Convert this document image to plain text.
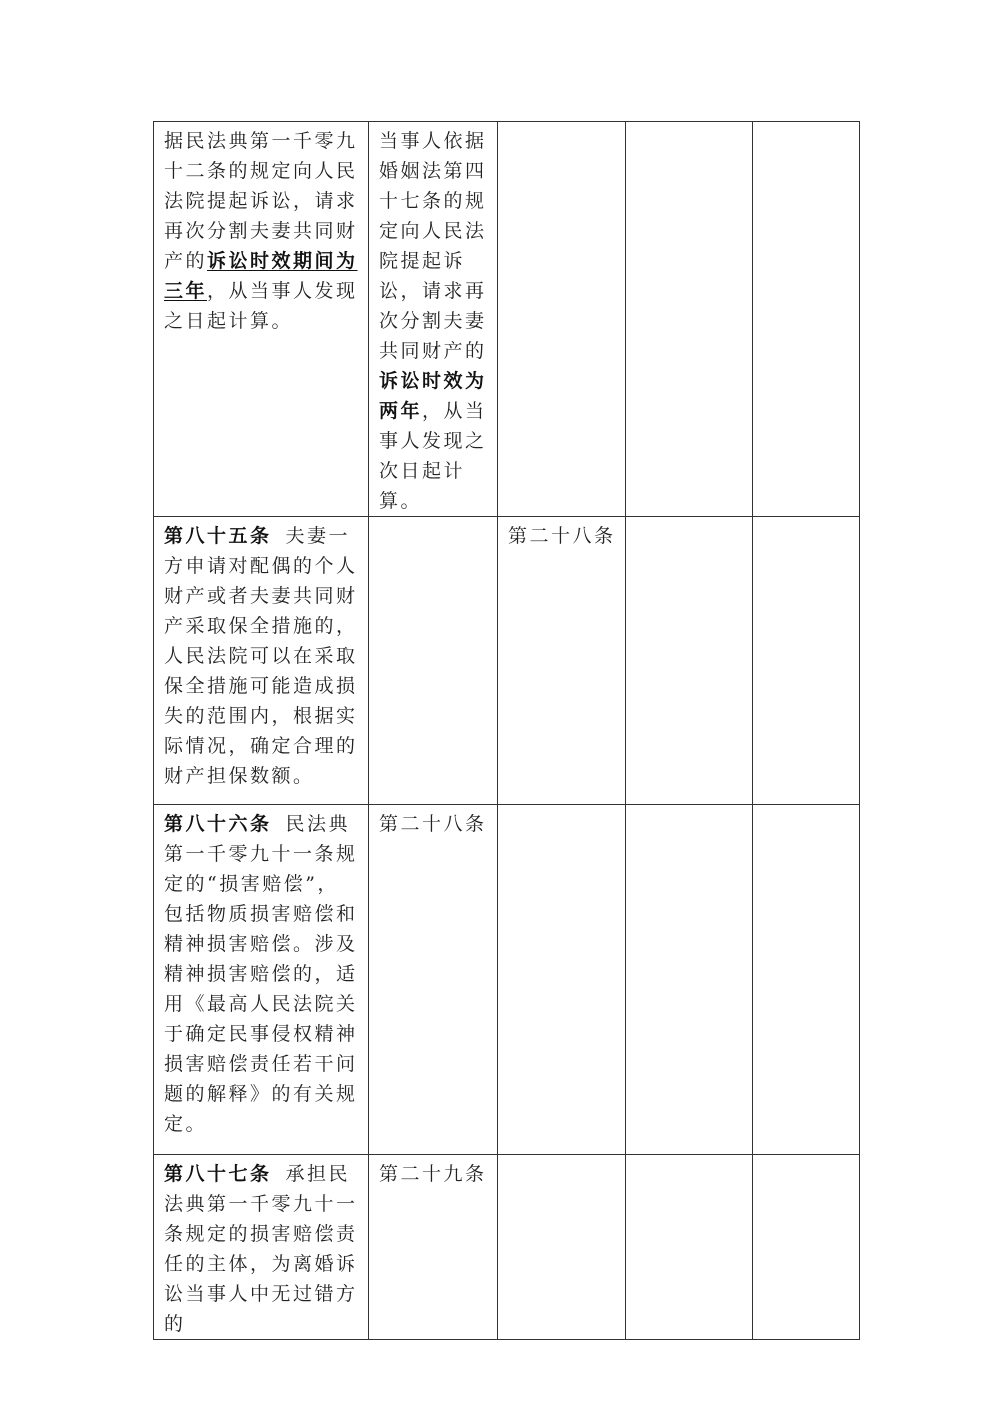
据民法典第一千零九十二条的规定向人民法院提起诉讼，请求再次分割夫妻共同财产的诉讼时效期间为三年，从当事人发现之日起计算。	当事人依据婚姻法第四十七条的规定向人民法院提起诉讼，请求再次分割夫妻共同财产的诉讼时效为两年，从当事人发现之次日起计算。			
第八十五条 夫妻一方申请对配偶的个人财产或者夫妻共同财产采取保全措施的，人民法院可以在采取保全措施可能造成损失的范围内，根据实际情况，确定合理的财产担保数额。		第二十八条		
第八十六条 民法典第一千零九十一条规定的“损害赔偿”，包括物质损害赔偿和精神损害赔偿。涉及精神损害赔偿的，适用《最高人民法院关于确定民事侵权精神损害赔偿责任若干问题的解释》的有关规定。	第二十八条			
第八十七条 承担民法典第一千零九十一条规定的损害赔偿责任的主体，为离婚诉讼当事人中无过错方的	第二十九条			
